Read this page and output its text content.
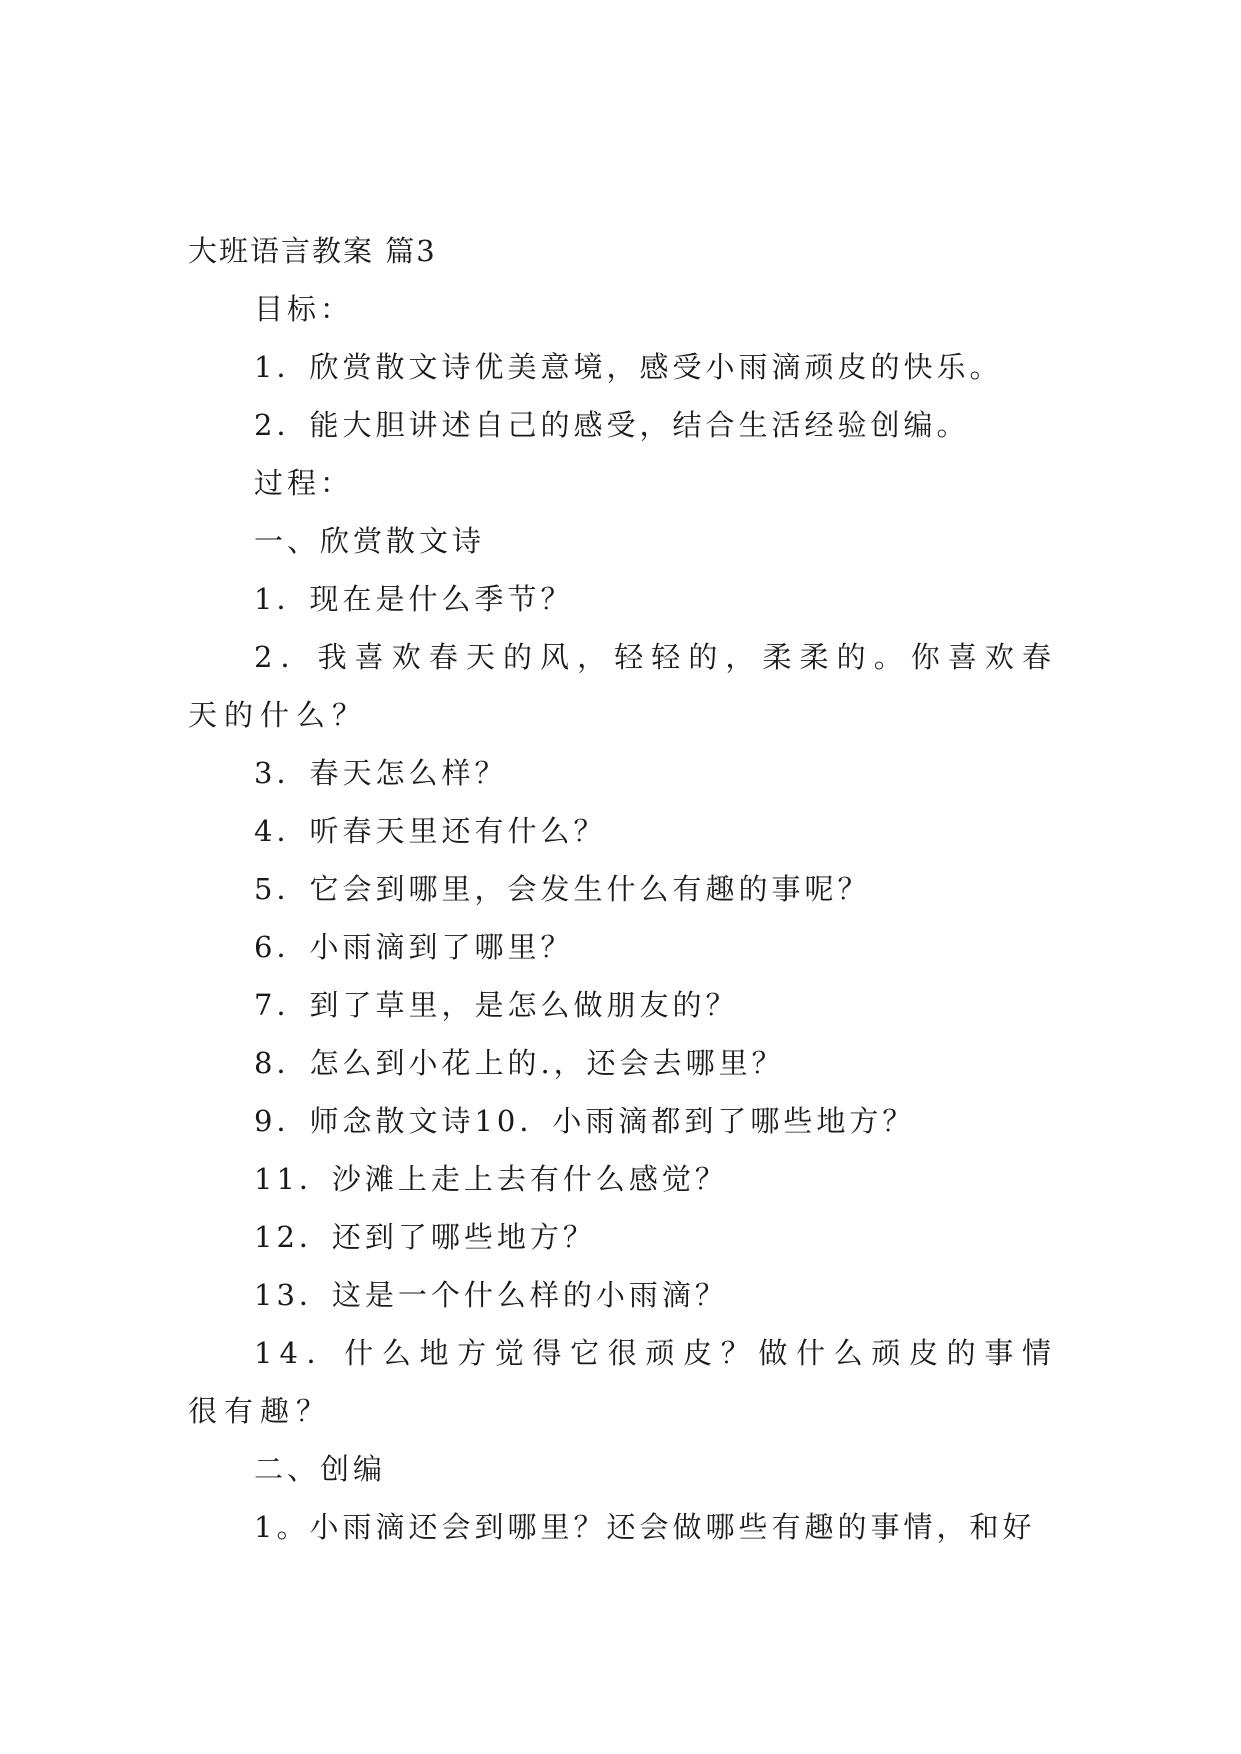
大班语言教案 篇3

目标：

1．欣赏散文诗优美意境，感受小雨滴顽皮的快乐。

2．能大胆讲述自己的感受，结合生活经验创编。

过程：

一、欣赏散文诗

1．现在是什么季节？

2．我喜欢春天的风，轻轻的，柔柔的。你喜欢春天的什么？

3．春天怎么样？

4．听春天里还有什么？

5．它会到哪里，会发生什么有趣的事呢？

6．小雨滴到了哪里？

7．到了草里，是怎么做朋友的？

8．怎么到小花上的.，还会去哪里？

9．师念散文诗10．小雨滴都到了哪些地方？

11．沙滩上走上去有什么感觉？

12．还到了哪些地方？

13．这是一个什么样的小雨滴？

14．什么地方觉得它很顽皮？做什么顽皮的事情很有趣？

二、创编

1。小雨滴还会到哪里？还会做哪些有趣的事情，和好
